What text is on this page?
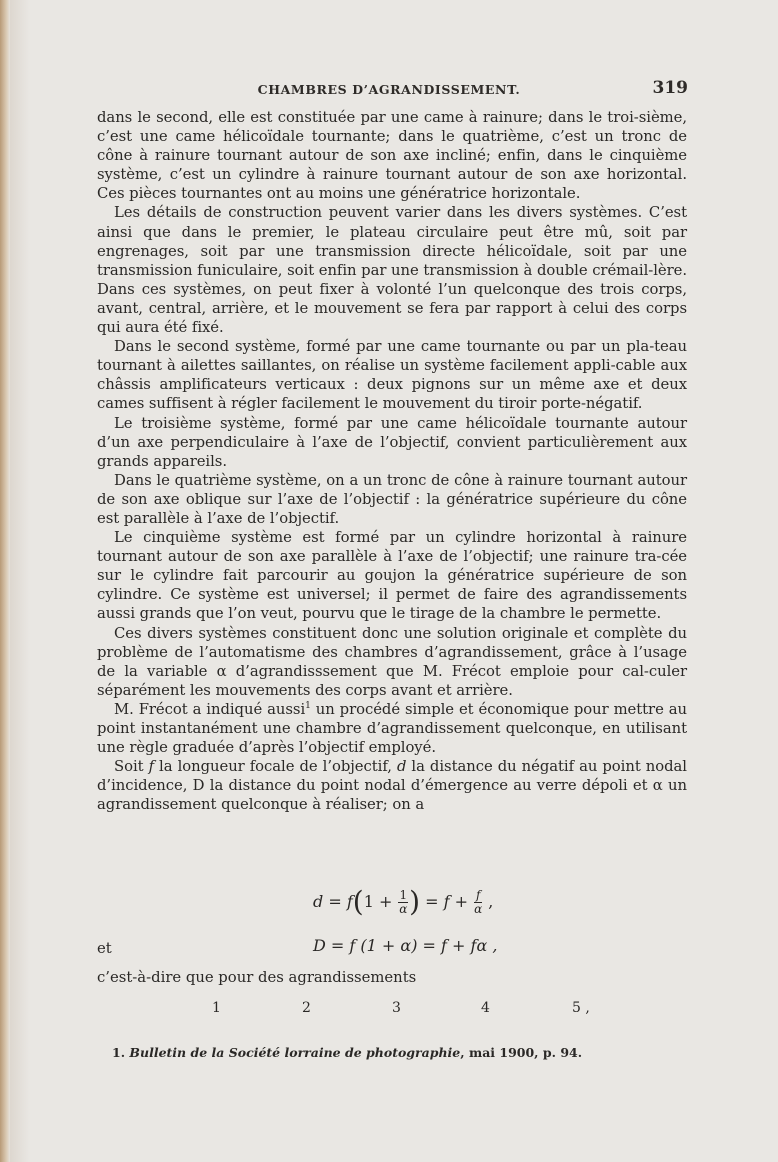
CHAMBRES D’AGRANDISSEMENT.	319

dans le second, elle est constituée par une came à rainure; dans le troi-sième, c’est une came hélicoïdale tournante; dans le quatrième, c’est un tronc de cône à rainure tournant autour de son axe incliné; enfin, dans le cinquième système, c’est un cylindre à rainure tournant autour de son axe horizontal. Ces pièces tournantes ont au moins une génératrice horizontale.

Les détails de construction peuvent varier dans les divers systèmes. C’est ainsi que dans le premier, le plateau circulaire peut être mû, soit par engrenages, soit par une transmission directe hélicoïdale, soit par une transmission funiculaire, soit enfin par une transmission à double crémail-lère. Dans ces systèmes, on peut fixer à volonté l’un quelconque des trois corps, avant, central, arrière, et le mouvement se fera par rapport à celui des corps qui aura été fixé.

Dans le second système, formé par une came tournante ou par un pla-teau tournant à ailettes saillantes, on réalise un système facilement appli-cable aux châssis amplificateurs verticaux : deux pignons sur un même axe et deux cames suffisent à régler facilement le mouvement du tiroir porte-négatif.

Le troisième système, formé par une came hélicoïdale tournante autour d’un axe perpendiculaire à l’axe de l’objectif, convient particulièrement aux grands appareils.

Dans le quatrième système, on a un tronc de cône à rainure tournant autour de son axe oblique sur l’axe de l’objectif : la génératrice supérieure du cône est parallèle à l’axe de l’objectif.

Le cinquième système est formé par un cylindre horizontal à rainure tournant autour de son axe parallèle à l’axe de l’objectif; une rainure tra-cée sur le cylindre fait parcourir au goujon la génératrice supérieure de son cylindre. Ce système est universel; il permet de faire des agrandissements aussi grands que l’on veut, pourvu que le tirage de la chambre le permette.

Ces divers systèmes constituent donc une solution originale et complète du problème de l’automatisme des chambres d’agrandissement, grâce à l’usage de la variable α d’agrandisssement que M. Frécot emploie pour cal-culer séparément les mouvements des corps avant et arrière.

M. Frécot a indiqué aussi$^1$ un procédé simple et économique pour mettre au point instantanément une chambre d’agrandissement quelconque, en utilisant une règle graduée d’après l’objectif employé.

Soit f la longueur focale de l’objectif, d la distance du négatif au point nodal d’incidence, D la distance du point nodal d’émergence au verre dépoli et α un agrandissement quelconque à réaliser; on a

$d = f(1 + \frac{1}{\alpha}$ ) = $f + \frac{f}{\alpha}$ ,
et	D = f (1 + α) = f + fα ,
c’est-à-dire que pour des agrandissements
1	2	3	4	5 ,
1. Bulletin de la Société lorraine de photographie, mai 1900, p. 94.
